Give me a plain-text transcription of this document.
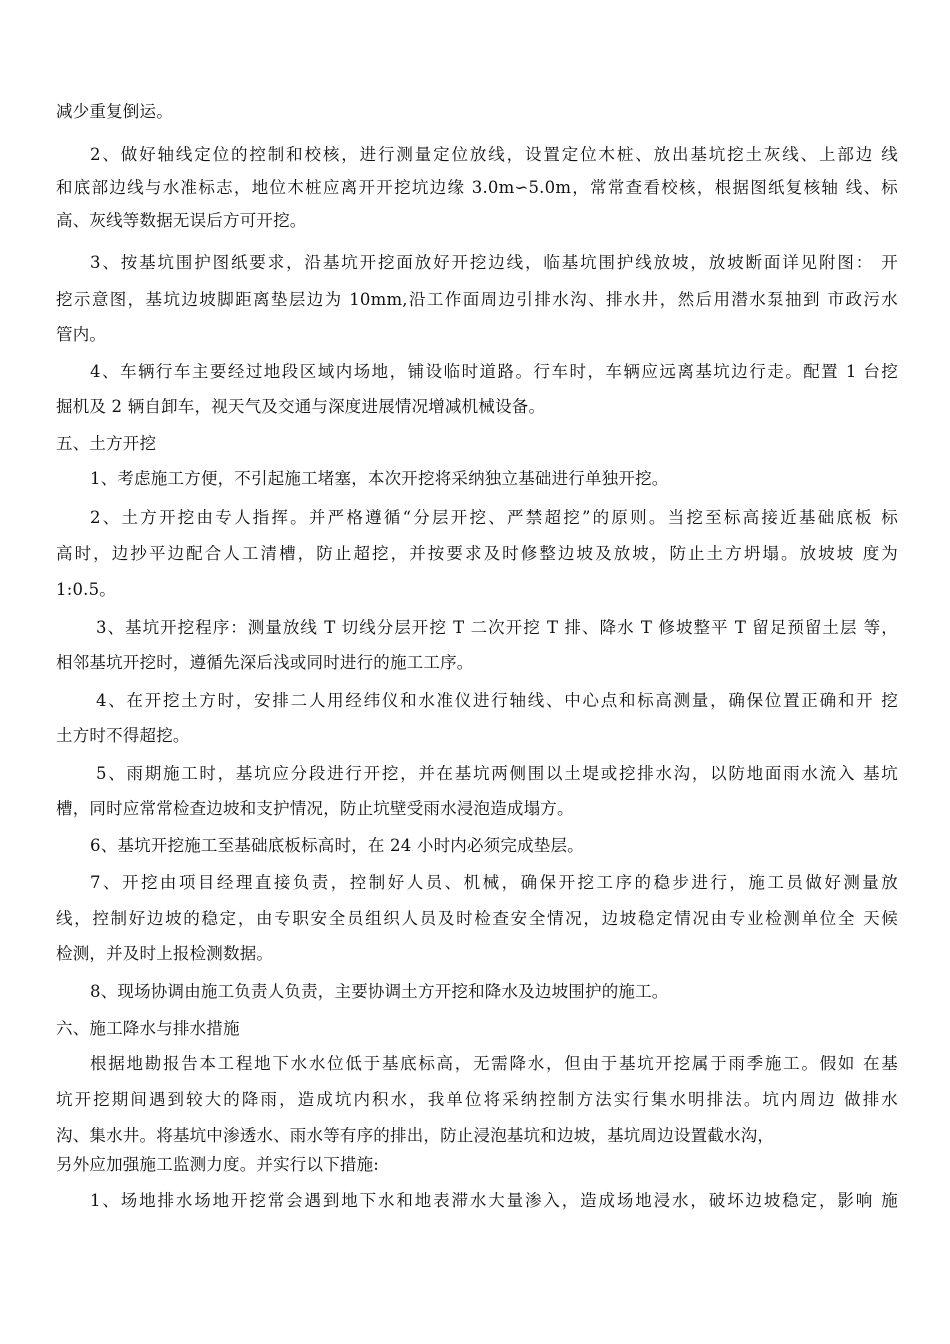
减少重复倒运。
2、做好轴线定位的控制和校核，进行测量定位放线，设置定位木桩、放出基坑挖土灰线、上部边 线
和底部边线与水准标志，地位木桩应离开开挖坑边缘 3.0m∽5.0m，常常查看校核，根据图纸复核轴 线、标
高、灰线等数据无误后方可开挖。
3、按基坑围护图纸要求，沿基坑开挖面放好开挖边线，临基坑围护线放坡，放坡断面详见附图： 开
挖示意图，基坑边坡脚距离垫层边为 10mm,沿工作面周边引排水沟、排水井，然后用潜水泵抽到 市政污水
管内。
4、车辆行车主要经过地段区域内场地，铺设临时道路。行车时，车辆应远离基坑边行走。配置 1 台挖
掘机及 2 辆自卸车，视天气及交通与深度进展情况增减机械设备。
五、土方开挖
1、考虑施工方便，不引起施工堵塞，本次开挖将采纳独立基础进行单独开挖。
2、土方开挖由专人指挥。并严格遵循“分层开挖、严禁超挖”的原则。当挖至标高接近基础底板 标
高时，边抄平边配合人工清槽，防止超挖，并按要求及时修整边坡及放坡，防止土方坍塌。放坡坡 度为
1:0.5。
3、基坑开挖程序：测量放线 T 切线分层开挖 T 二次开挖 T 排、降水 T 修坡整平 T 留足预留土层 等，
相邻基坑开挖时，遵循先深后浅或同时进行的施工工序。
4、在开挖土方时，安排二人用经纬仪和水准仪进行轴线、中心点和标高测量，确保位置正确和开 挖
土方时不得超挖。
5、雨期施工时，基坑应分段进行开挖，并在基坑两侧围以土堤或挖排水沟，以防地面雨水流入 基坑
槽，同时应常常检查边坡和支护情况，防止坑壁受雨水浸泡造成塌方。
6、基坑开挖施工至基础底板标高时，在 24 小时内必须完成垫层。
7、开挖由项目经理直接负责，控制好人员、机械，确保开挖工序的稳步进行，施工员做好测量放
线，控制好边坡的稳定，由专职安全员组织人员及时检查安全情况，边坡稳定情况由专业检测单位全 天候
检测，并及时上报检测数据。
8、现场协调由施工负责人负责，主要协调土方开挖和降水及边坡围护的施工。
六、施工降水与排水措施
根据地勘报告本工程地下水水位低于基底标高，无需降水，但由于基坑开挖属于雨季施工。假如 在基
坑开挖期间遇到较大的降雨，造成坑内积水，我单位将采纳控制方法实行集水明排法。坑内周边 做排水
沟、集水井。将基坑中渗透水、雨水等有序的排出，防止浸泡基坑和边坡，基坑周边设置截水沟，
另外应加强施工监测力度。并实行以下措施:
1、场地排水场地开挖常会遇到地下水和地表滞水大量渗入，造成场地浸水，破坏边坡稳定，影响 施
